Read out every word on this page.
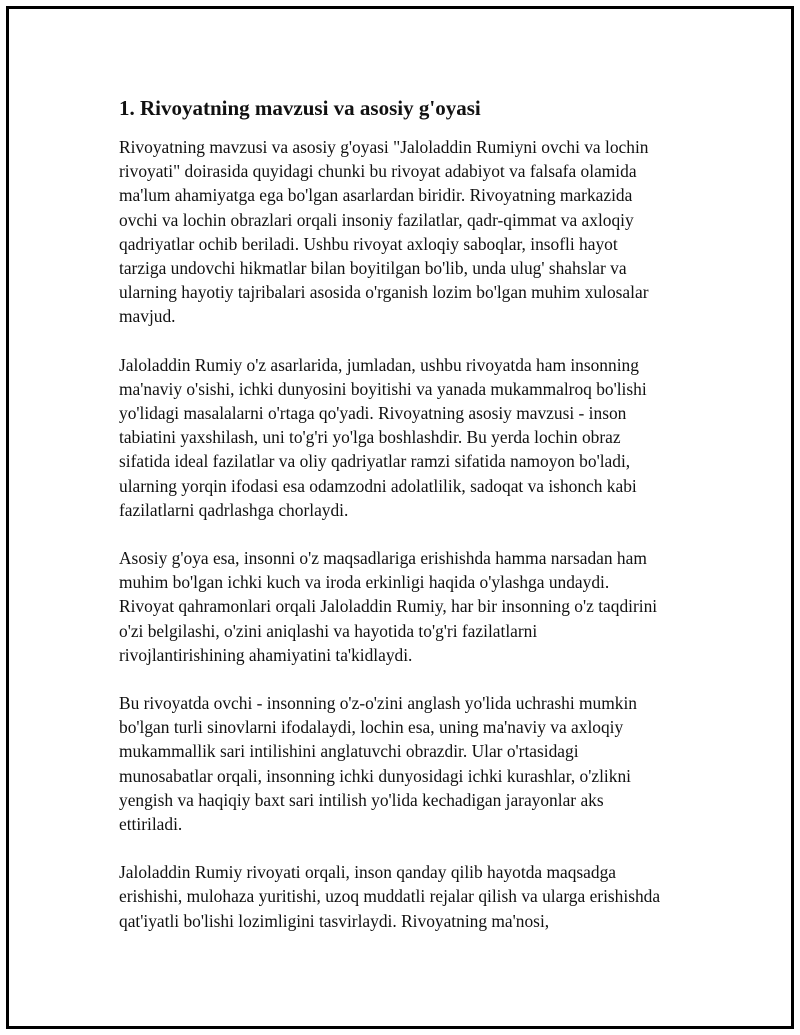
1. Rivoyatning mavzusi va asosiy g'oyasi

Rivoyatning mavzusi va asosiy g'oyasi "Jaloladdin Rumiyni ovchi va lochin rivoyati" doirasida quyidagi chunki bu rivoyat adabiyot va falsafa olamida ma'lum ahamiyatga ega bo'lgan asarlardan biridir. Rivoyatning markazida ovchi va lochin obrazlari orqali insoniy fazilatlar, qadr-qimmat va axloqiy qadriyatlar ochib beriladi. Ushbu rivoyat axloqiy saboqlar, insofli hayot tarziga undovchi hikmatlar bilan boyitilgan bo'lib, unda ulug' shahslar va ularning hayotiy tajribalari asosida o'rganish lozim bo'lgan muhim xulosalar mavjud.

Jaloladdin Rumiy o'z asarlarida, jumladan, ushbu rivoyatda ham insonning ma'naviy o'sishi, ichki dunyosini boyitishi va yanada mukammalroq bo'lishi yo'lidagi masalalarni o'rtaga qo'yadi. Rivoyatning asosiy mavzusi - inson tabiatini yaxshilash, uni to'g'ri yo'lga boshlashdir. Bu yerda lochin obraz sifatida ideal fazilatlar va oliy qadriyatlar ramzi sifatida namoyon bo'ladi, ularning yorqin ifodasi esa odamzodni adolatlilik, sadoqat va ishonch kabi fazilatlarni qadrlashga chorlaydi.

Asosiy g'oya esa, insonni o'z maqsadlariga erishishda hamma narsadan ham muhim bo'lgan ichki kuch va iroda erkinligi haqida o'ylashga undaydi. Rivoyat qahramonlari orqali Jaloladdin Rumiy, har bir insonning o'z taqdirini o'zi belgilashi, o'zini aniqlashi va hayotida to'g'ri fazilatlarni rivojlantirishining ahamiyatini ta'kidlaydi.

Bu rivoyatda ovchi - insonning o'z-o'zini anglash yo'lida uchrashi mumkin bo'lgan turli sinovlarni ifodalaydi, lochin esa, uning ma'naviy va axloqiy mukammallik sari intilishini anglatuvchi obrazdir. Ular o'rtasidagi munosabatlar orqali, insonning ichki dunyosidagi ichki kurashlar, o'zlikni yengish va haqiqiy baxt sari intilish yo'lida kechadigan jarayonlar aks ettiriladi.

Jaloladdin Rumiy rivoyati orqali, inson qanday qilib hayotda maqsadga erishishi, mulohaza yuritishi, uzoq muddatli rejalar qilish va ularga erishishda qat'iyatli bo'lishi lozimligini tasvirlaydi. Rivoyatning ma'nosi,
